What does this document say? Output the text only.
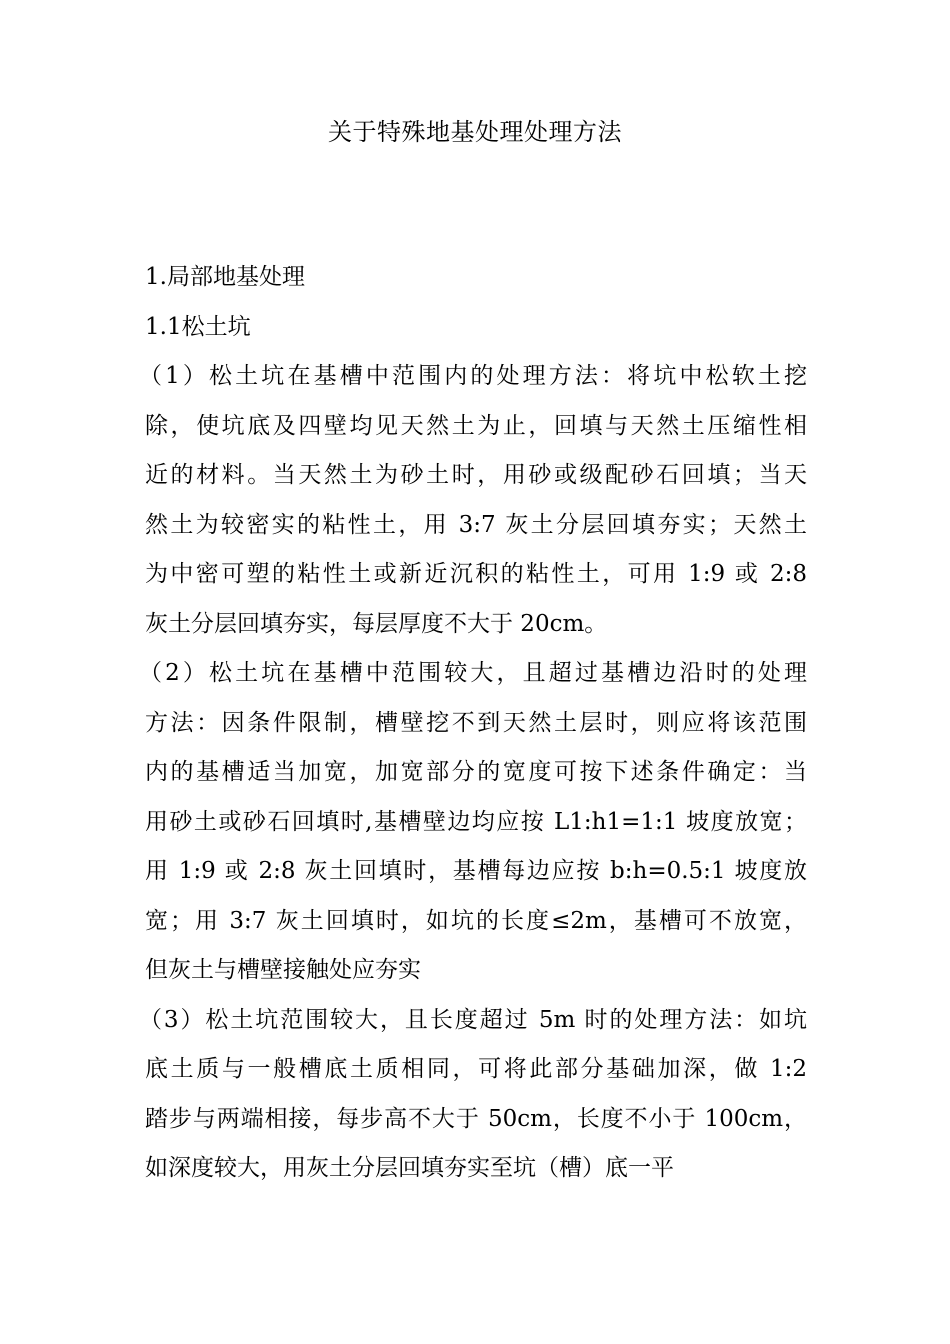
关于特殊地基处理处理方法
1.局部地基处理
1.1松土坑
（1）松土坑在基槽中范围内的处理方法：将坑中松软土挖
除，使坑底及四壁均见天然土为止，回填与天然土压缩性相
近的材料。当天然土为砂土时，用砂或级配砂石回填；当天
然土为较密实的粘性土，用 3:7 灰土分层回填夯实；天然土
为中密可塑的粘性土或新近沉积的粘性土，可用 1:9 或 2:8
灰土分层回填夯实，每层厚度不大于 20cm。
（2）松土坑在基槽中范围较大，且超过基槽边沿时的处理
方法：因条件限制，槽壁挖不到天然土层时，则应将该范围
内的基槽适当加宽，加宽部分的宽度可按下述条件确定：当
用砂土或砂石回填时,基槽壁边均应按 L1:h1=1:1 坡度放宽；
用 1:9 或 2:8 灰土回填时，基槽每边应按 b:h=0.5:1 坡度放
宽；用 3:7 灰土回填时，如坑的长度≤2m，基槽可不放宽，
但灰土与槽壁接触处应夯实
（3）松土坑范围较大，且长度超过 5m 时的处理方法：如坑
底土质与一般槽底土质相同，可将此部分基础加深，做 1:2
踏步与两端相接，每步高不大于 50cm，长度不小于 100cm，
如深度较大，用灰土分层回填夯实至坑（槽）底一平
